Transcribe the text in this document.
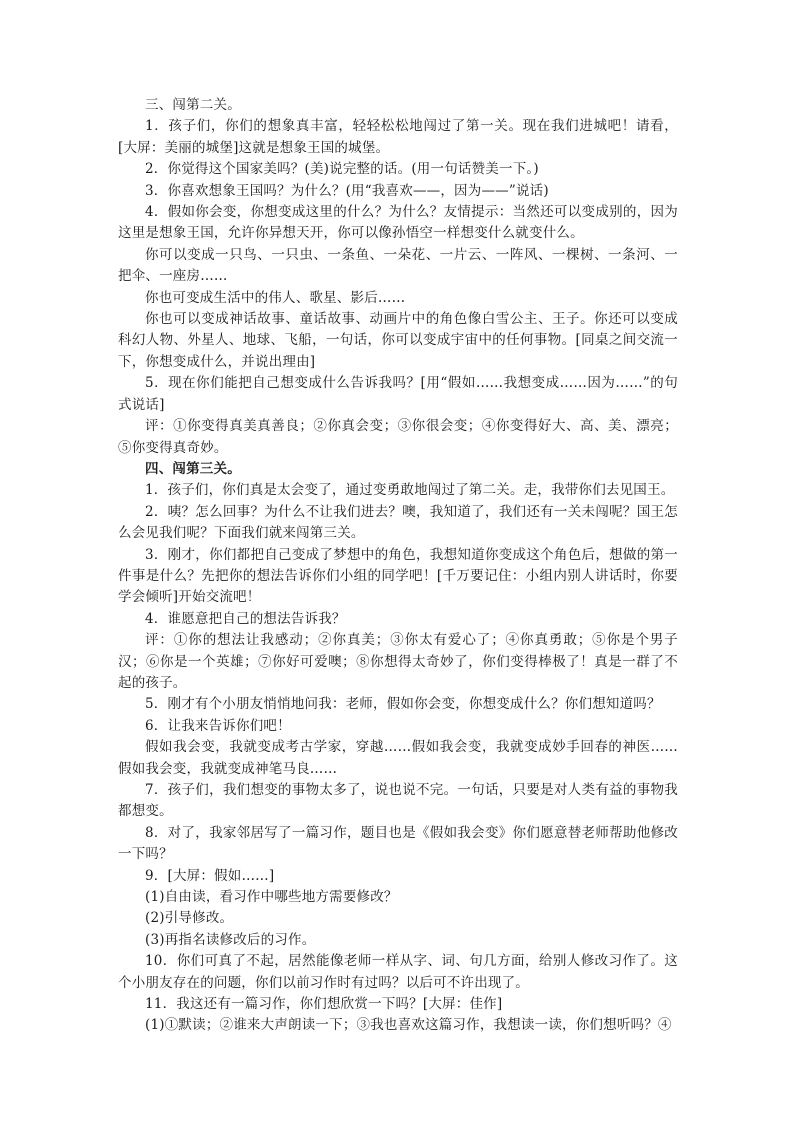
三、闯第二关。

1．孩子们，你们的想象真丰富，轻轻松松地闯过了第一关。现在我们进城吧！请看，[大屏：美丽的城堡]这就是想象王国的城堡。

2．你觉得这个国家美吗？(美)说完整的话。(用一句话赞美一下。)

3．你喜欢想象王国吗？为什么？(用“我喜欢——，因为——”说话)

4．假如你会变，你想变成这里的什么？为什么？友情提示：当然还可以变成别的，因为这里是想象王国，允许你异想天开，你可以像孙悟空一样想变什么就变什么。

你可以变成一只鸟、一只虫、一条鱼、一朵花、一片云、一阵风、一棵树、一条河、一把伞、一座房……

你也可变成生活中的伟人、歌星、影后……

你也可以变成神话故事、童话故事、动画片中的角色像白雪公主、王子。你还可以变成科幻人物、外星人、地球、飞船，一句话，你可以变成宇宙中的任何事物。[同桌之间交流一下，你想变成什么，并说出理由]

5．现在你们能把自己想变成什么告诉我吗？[用“假如……我想变成……因为……”的句式说话]

评：①你变得真美真善良；②你真会变；③你很会变；④你变得好大、高、美、漂亮；⑤你变得真奇妙。

四、闯第三关。

1．孩子们，你们真是太会变了，通过变勇敢地闯过了第二关。走，我带你们去见国王。

2．咦？怎么回事？为什么不让我们进去？噢，我知道了，我们还有一关未闯呢？国王怎么会见我们呢？下面我们就来闯第三关。

3．刚才，你们都把自己变成了梦想中的角色，我想知道你变成这个角色后，想做的第一件事是什么？先把你的想法告诉你们小组的同学吧！[千万要记住：小组内别人讲话时，你要学会倾听]开始交流吧！

4．谁愿意把自己的想法告诉我？

评：①你的想法让我感动；②你真美；③你太有爱心了；④你真勇敢；⑤你是个男子汉；⑥你是一个英雄；⑦你好可爱噢；⑧你想得太奇妙了，你们变得棒极了！真是一群了不起的孩子。

5．刚才有个小朋友悄悄地问我：老师，假如你会变，你想变成什么？你们想知道吗？

6．让我来告诉你们吧！

假如我会变，我就变成考古学家，穿越……假如我会变，我就变成妙手回春的神医……假如我会变，我就变成神笔马良……

7．孩子们，我们想变的事物太多了，说也说不完。一句话，只要是对人类有益的事物我都想变。

8．对了，我家邻居写了一篇习作，题目也是《假如我会变》你们愿意替老师帮助他修改一下吗？

9．[大屏：假如……]

(1)自由读，看习作中哪些地方需要修改？

(2)引导修改。

(3)再指名读修改后的习作。

10．你们可真了不起，居然能像老师一样从字、词、句几方面，给别人修改习作了。这个小朋友存在的问题，你们以前习作时有过吗？以后可不许出现了。

11．我这还有一篇习作，你们想欣赏一下吗？[大屏：佳作]

(1)①默读；②谁来大声朗读一下；③我也喜欢这篇习作，我想读一读，你们想听吗？④
